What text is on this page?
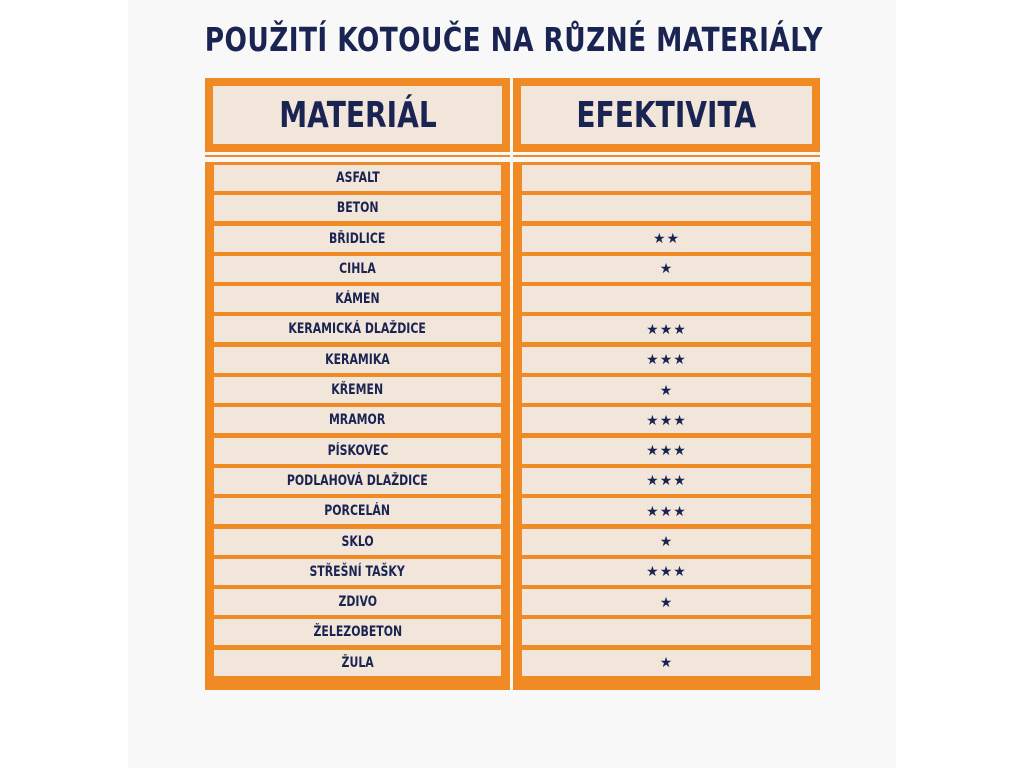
POUŽITÍ KOTOUČE NA RŮZNÉ MATERIÁLY
MATERIÁL	EFEKTIVITA
ASFALT
BETON
BŘIDLICE
CIHLA
KÁMEN
KERAMICKÁ DLAŽDICE
KERAMIKA
KŘEMEN
MRAMOR
PÍSKOVEC
PODLAHOVÁ DLAŽDICE
PORCELÁN
SKLO
STŘEŠNÍ TAŠKY
ZDIVO
ŽELEZOBETON
ŽULA
★★
★
★★★
★★★
★
★★★
★★★
★★★
★★★
★
★★★
★
★
